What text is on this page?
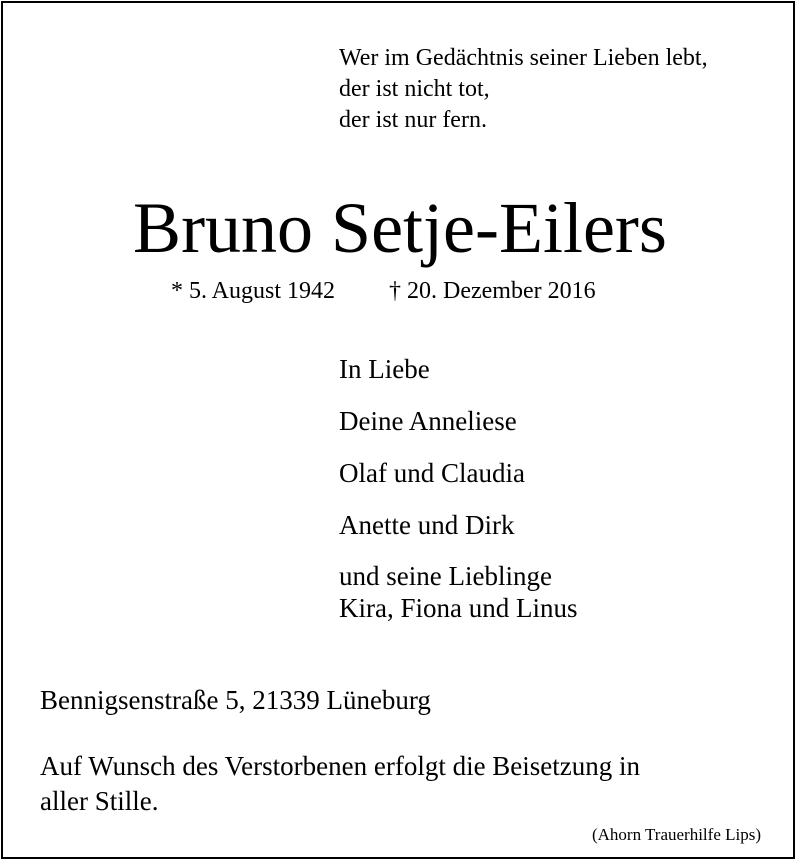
Wer im Gedächtnis seiner Lieben lebt,
der ist nicht tot,
der ist nur fern.
Bruno Setje-Eilers
* 5. August 1942 † 20. Dezember 2016
In Liebe
Deine Anneliese
Olaf und Claudia
Anette und Dirk
und seine Lieblinge
Kira, Fiona und Linus
Bennigsenstraße 5, 21339 Lüneburg
Auf Wunsch des Verstorbenen erfolgt die Beisetzung in
aller Stille.
(Ahorn Trauerhilfe Lips)
